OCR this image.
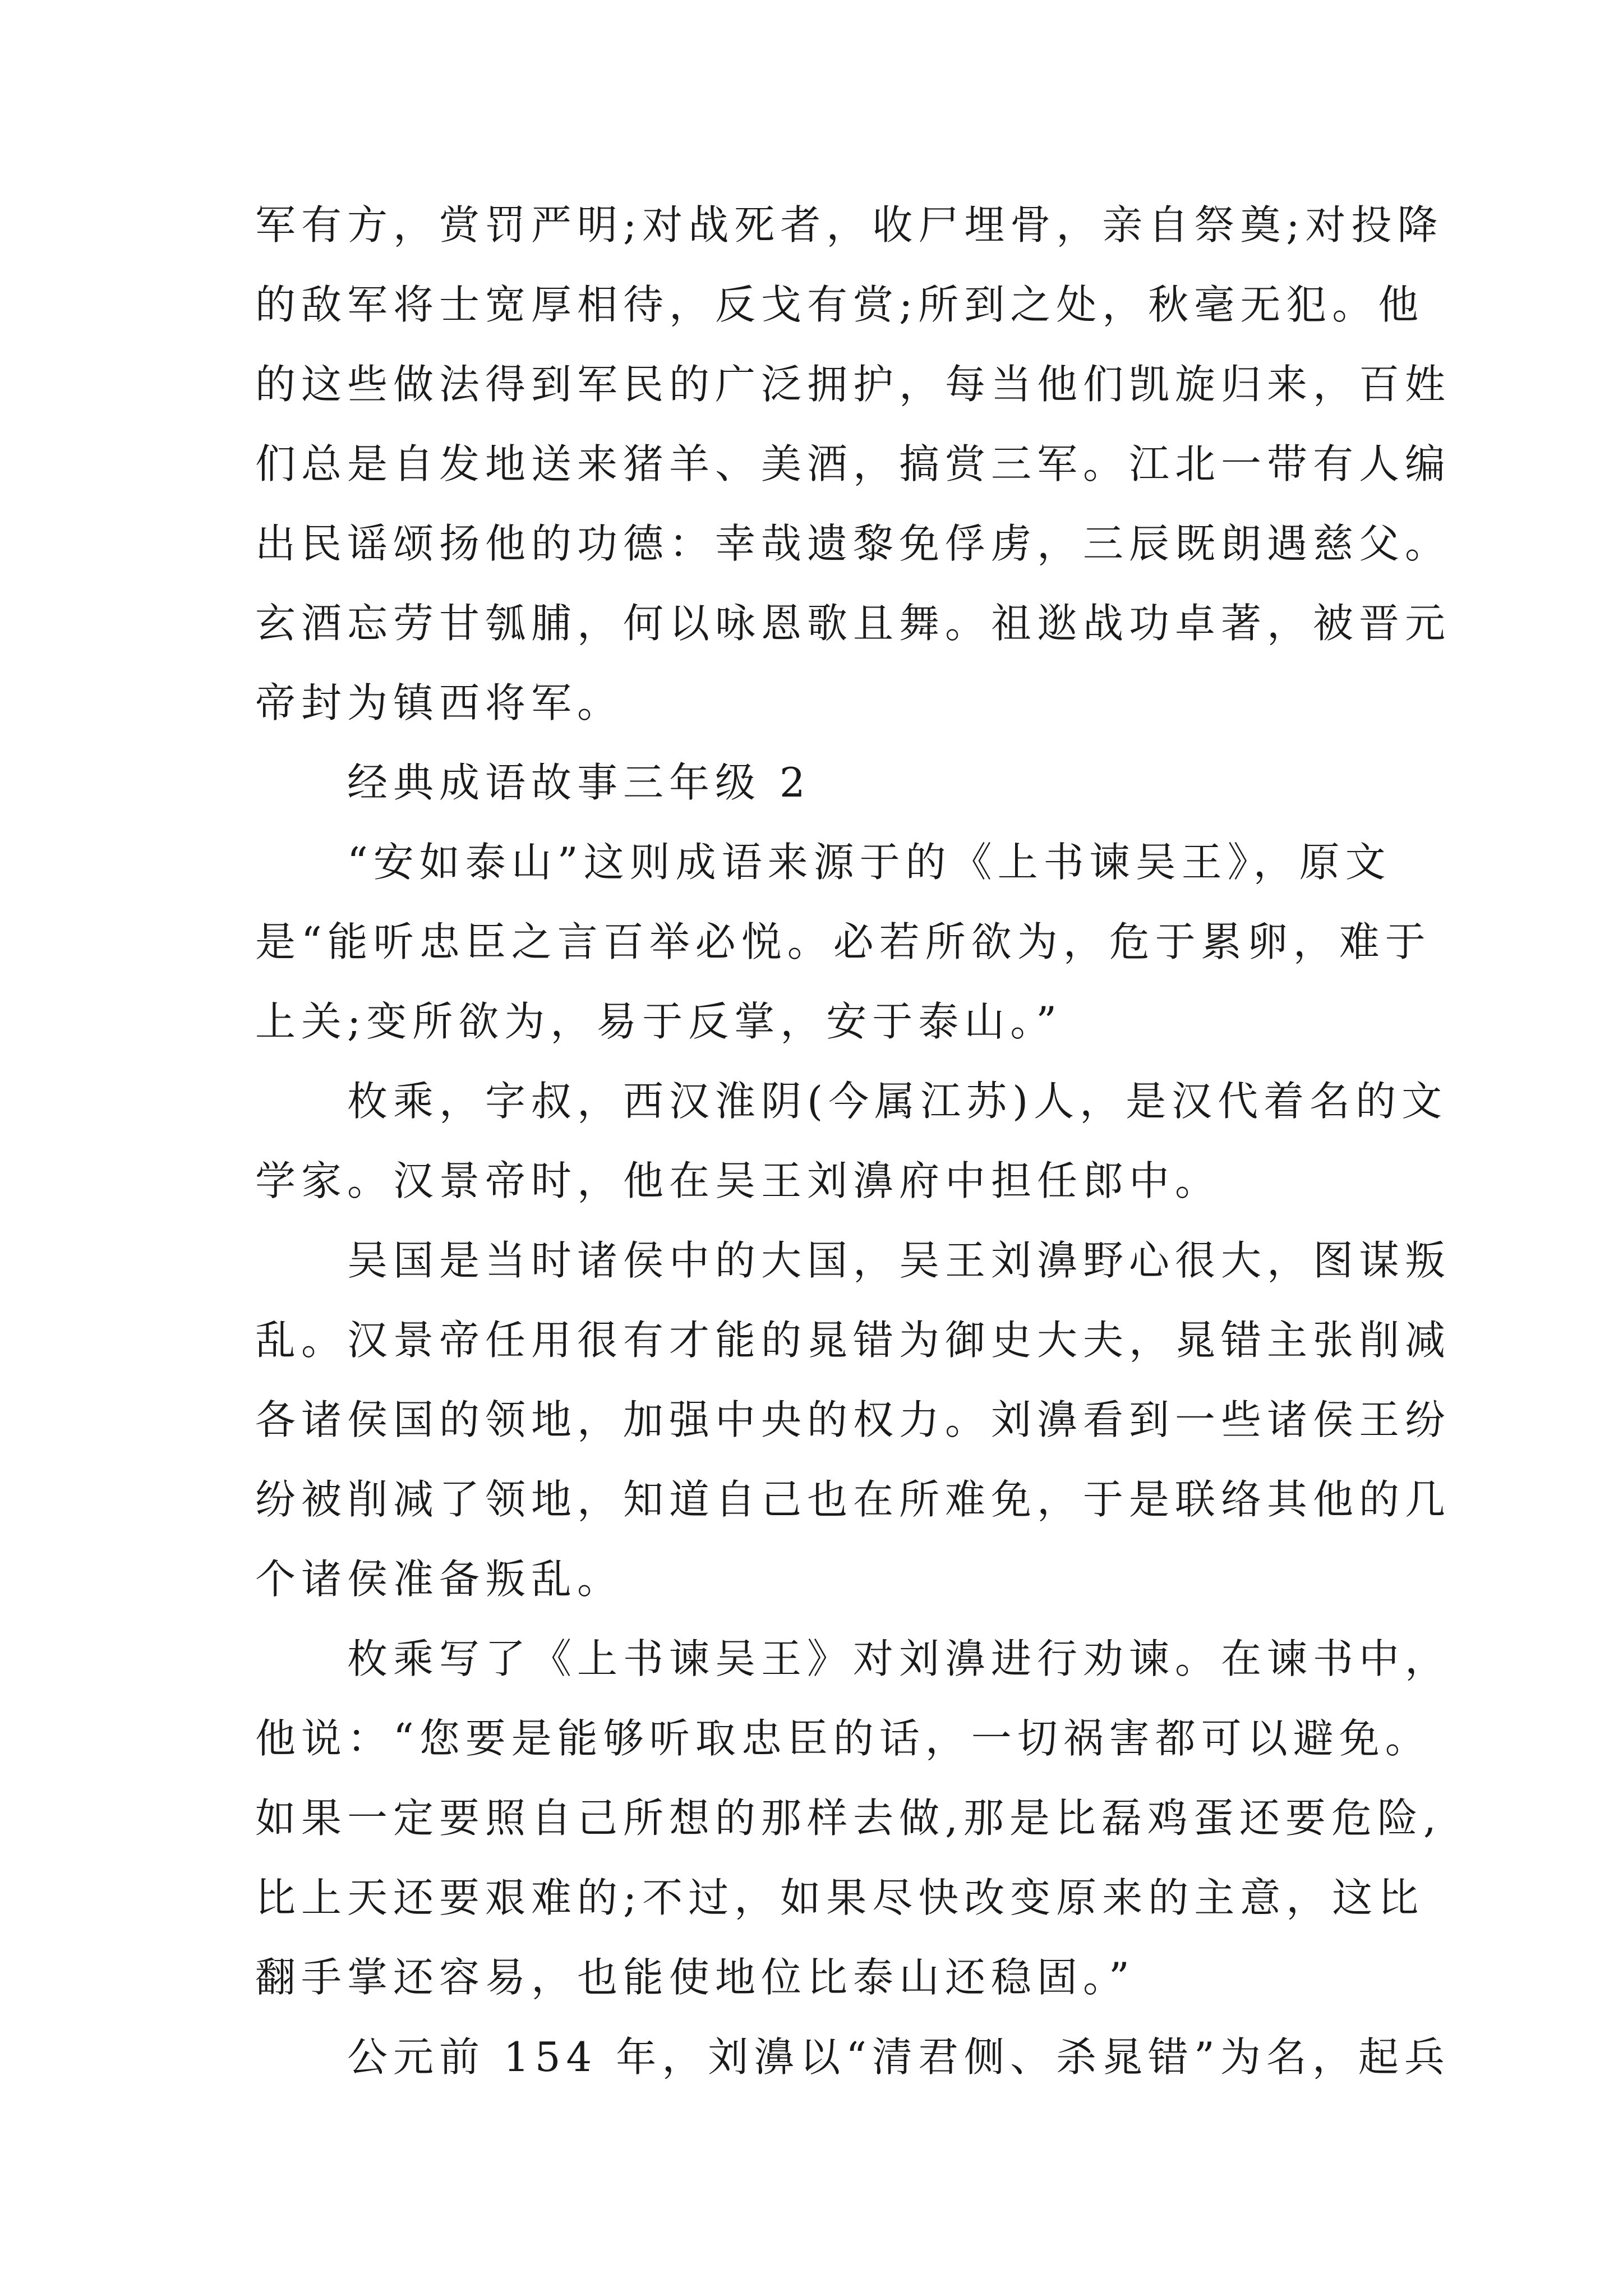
军有方，赏罚严明;对战死者，收尸埋骨，亲自祭奠;对投降
的敌军将士宽厚相待，反戈有赏;所到之处，秋毫无犯。他
的这些做法得到军民的广泛拥护，每当他们凯旋归来，百姓
们总是自发地送来猪羊、美酒，搞赏三军。江北一带有人编
出民谣颂扬他的功德：幸哉遗黎免俘虏，三辰既朗遇慈父。
玄酒忘劳甘瓠脯，何以咏恩歌且舞。祖逖战功卓著，被晋元
帝封为镇西将军。
　　经典成语故事三年级 2
　　“安如泰山”这则成语来源于的《上书谏吴王》，原文
是“能听忠臣之言百举必悦。必若所欲为，危于累卵，难于
上关;变所欲为，易于反掌，安于泰山。”
　　枚乘，字叔，西汉淮阴(今属江苏)人，是汉代着名的文
学家。汉景帝时，他在吴王刘濞府中担任郎中。
　　吴国是当时诸侯中的大国，吴王刘濞野心很大，图谋叛
乱。汉景帝任用很有才能的晁错为御史大夫，晁错主张削减
各诸侯国的领地，加强中央的权力。刘濞看到一些诸侯王纷
纷被削减了领地，知道自己也在所难免，于是联络其他的几
个诸侯准备叛乱。
　　枚乘写了《上书谏吴王》对刘濞进行劝谏。在谏书中，
他说：“您要是能够听取忠臣的话，一切祸害都可以避免。
如果一定要照自己所想的那样去做,那是比磊鸡蛋还要危险,
比上天还要艰难的;不过，如果尽快改变原来的主意，这比
翻手掌还容易，也能使地位比泰山还稳固。”
　　公元前 154 年，刘濞以“清君侧、杀晁错”为名，起兵
